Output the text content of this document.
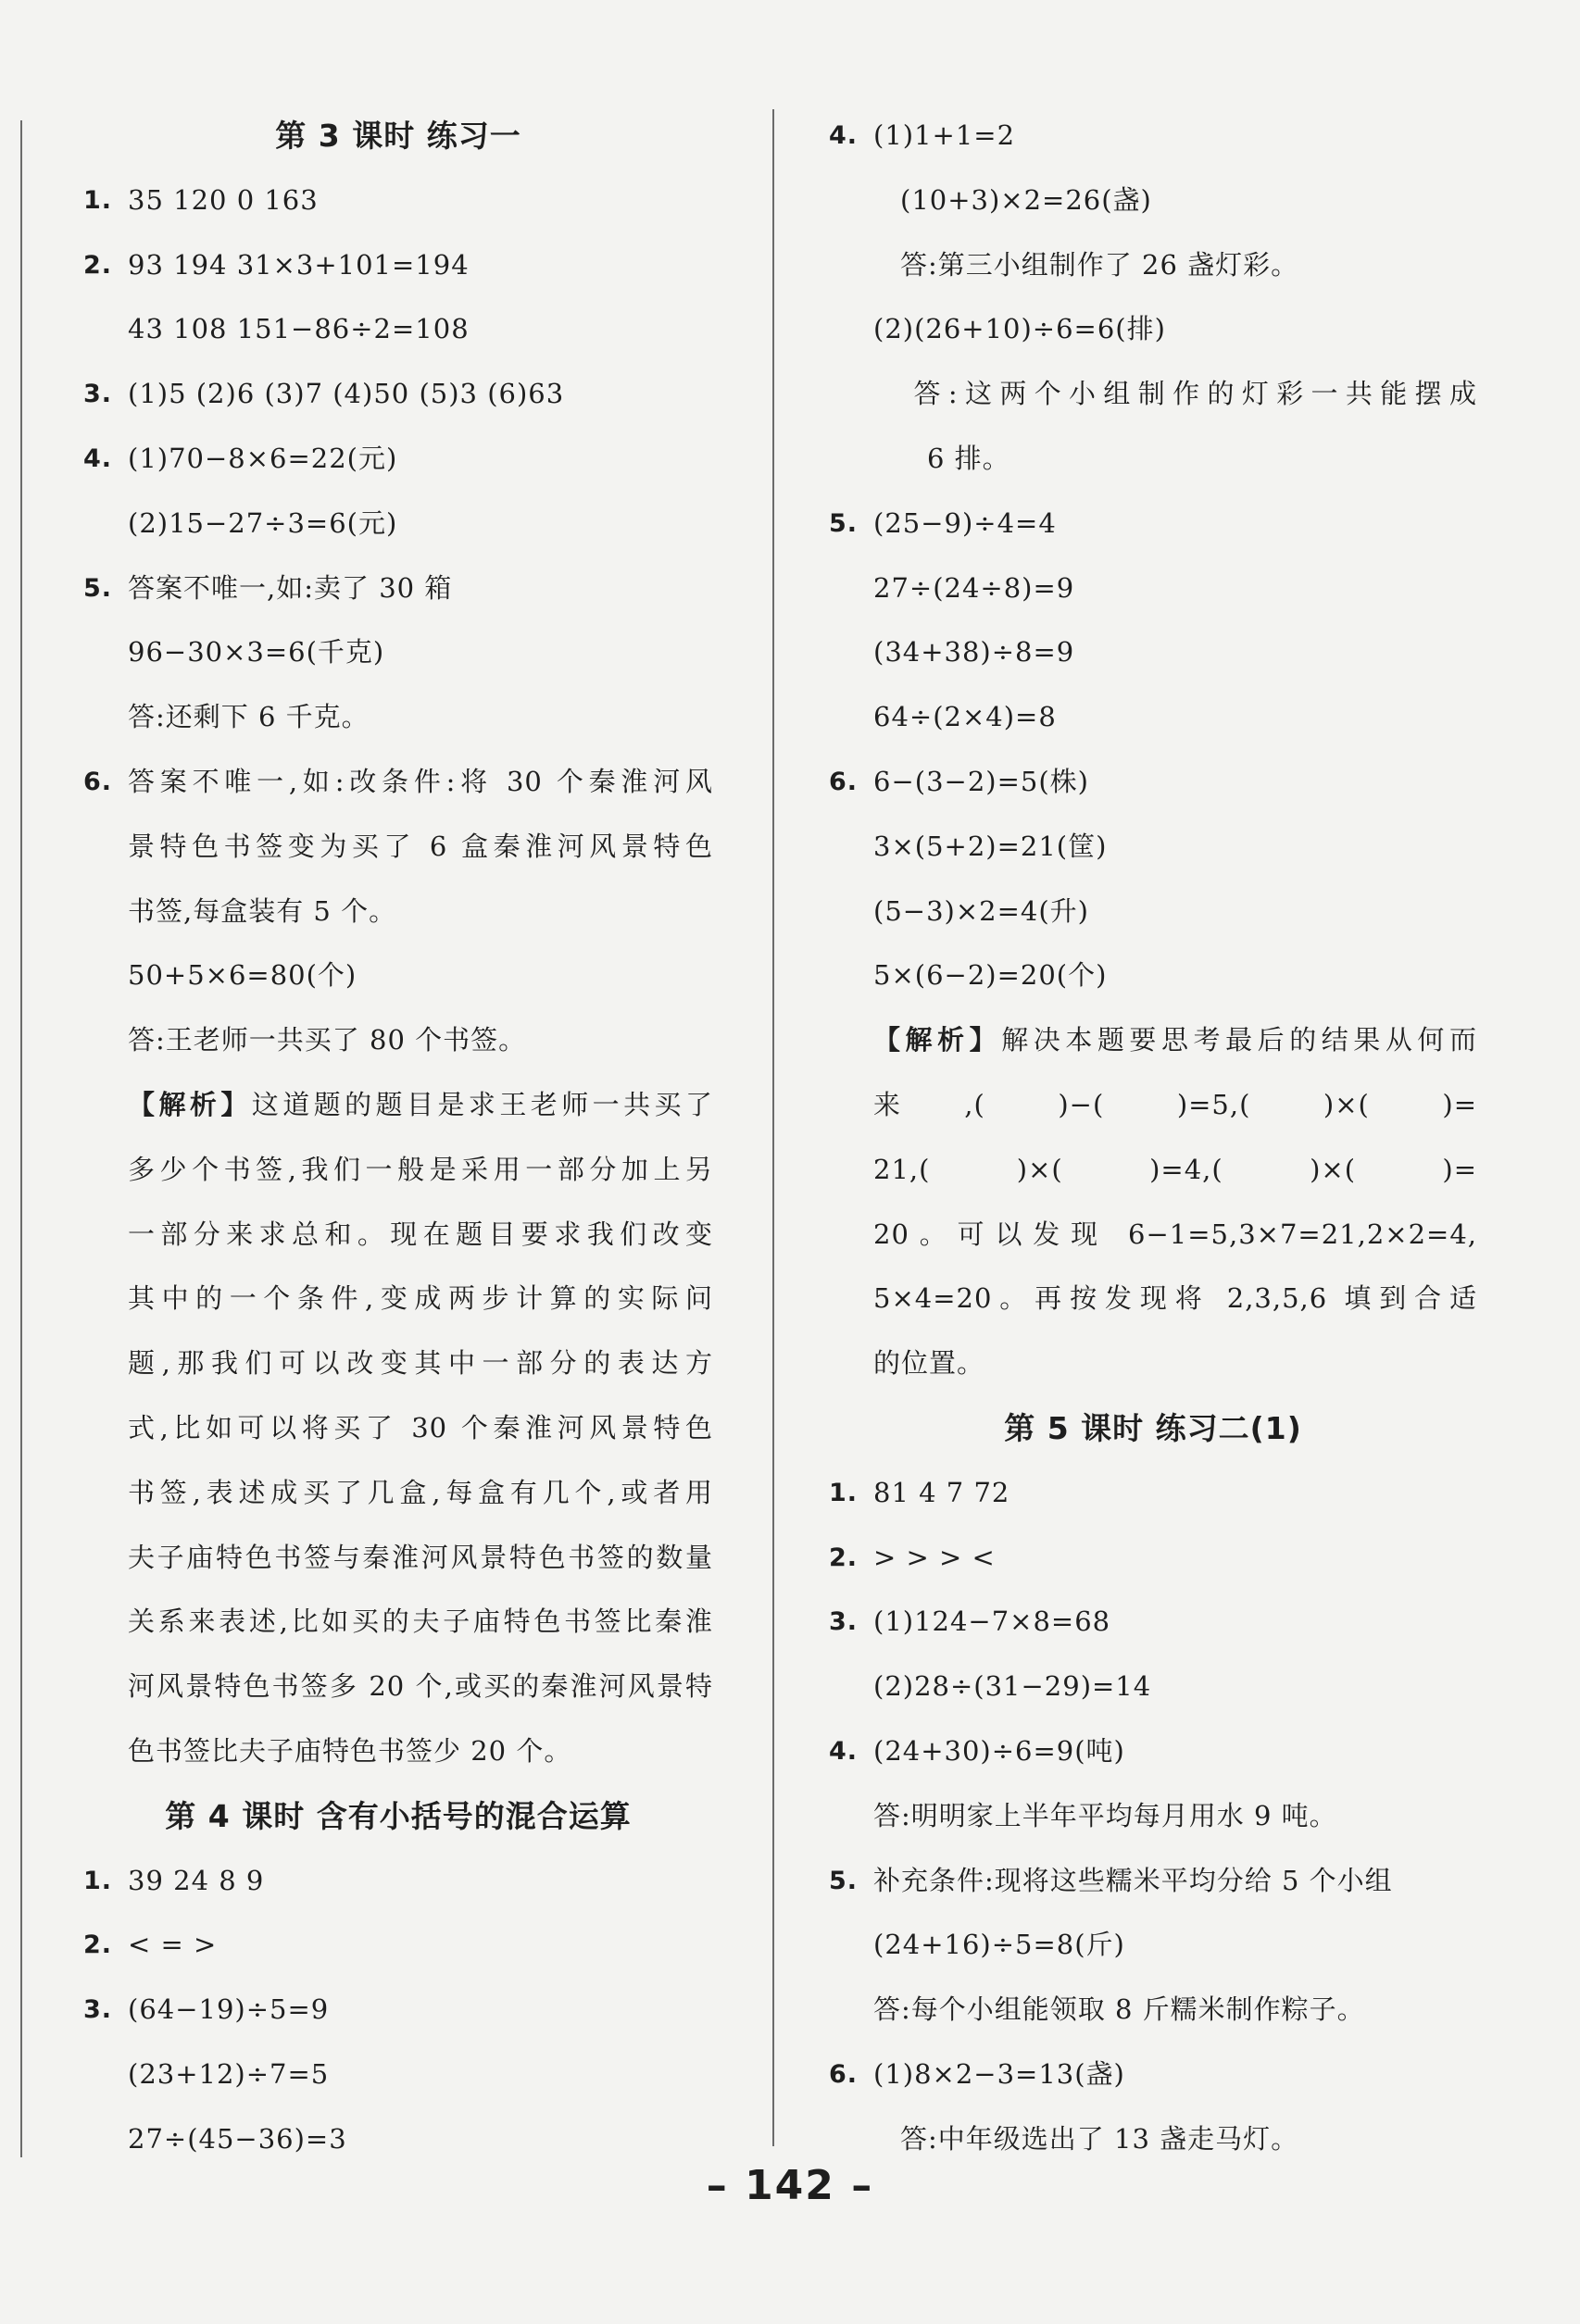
第 3 课时 练习一
1. 35 120 0 163
2. 93 194 31×3+101=194
43 108 151−86÷2=108
3. (1)5 (2)6 (3)7 (4)50 (5)3 (6)63
4. (1)70−8×6=22(元)
(2)15−27÷3=6(元)
5. 答案不唯一,如:卖了 30 箱
96−30×3=6(千克)
答:还剩下 6 千克。
6. 答案不唯一,如:改条件:将 30 个秦淮河风
景特色书签变为买了 6 盒秦淮河风景特色
书签,每盒装有 5 个。
50+5×6=80(个)
答:王老师一共买了 80 个书签。
【解析】这道题的题目是求王老师一共买了
多少个书签,我们一般是采用一部分加上另
一部分来求总和。现在题目要求我们改变
其中的一个条件,变成两步计算的实际问
题,那我们可以改变其中一部分的表达方
式,比如可以将买了 30 个秦淮河风景特色
书签,表述成买了几盒,每盒有几个,或者用
夫子庙特色书签与秦淮河风景特色书签的数量
关系来表述,比如买的夫子庙特色书签比秦淮
河风景特色书签多 20 个,或买的秦淮河风景特
色书签比夫子庙特色书签少 20 个。
第 4 课时 含有小括号的混合运算
1. 39 24 8 9
2. < = >
3. (64−19)÷5=9
(23+12)÷7=5
27÷(45−36)=3
4. (1)1+1=2
(10+3)×2=26(盏)
答:第三小组制作了 26 盏灯彩。
(2)(26+10)÷6=6(排)
答:这两个小组制作的灯彩一共能摆成
6 排。
5. (25−9)÷4=4
27÷(24÷8)=9
(34+38)÷8=9
64÷(2×4)=8
6. 6−(3−2)=5(株)
3×(5+2)=21(筐)
(5−3)×2=4(升)
5×(6−2)=20(个)
【解析】解决本题要思考最后的结果从何而
来,( )−( )=5,( )×( )=
21,( )×( )=4,( )×( )=
20。可以发现 6−1=5,3×7=21,2×2=4,
5×4=20。再按发现将 2,3,5,6 填到合适
的位置。
第 5 课时 练习二(1)
1. 81 4 7 72
2. > > > <
3. (1)124−7×8=68
(2)28÷(31−29)=14
4. (24+30)÷6=9(吨)
答:明明家上半年平均每月用水 9 吨。
5. 补充条件:现将这些糯米平均分给 5 个小组
(24+16)÷5=8(斤)
答:每个小组能领取 8 斤糯米制作粽子。
6. (1)8×2−3=13(盏)
答:中年级选出了 13 盏走马灯。
– 142 –
